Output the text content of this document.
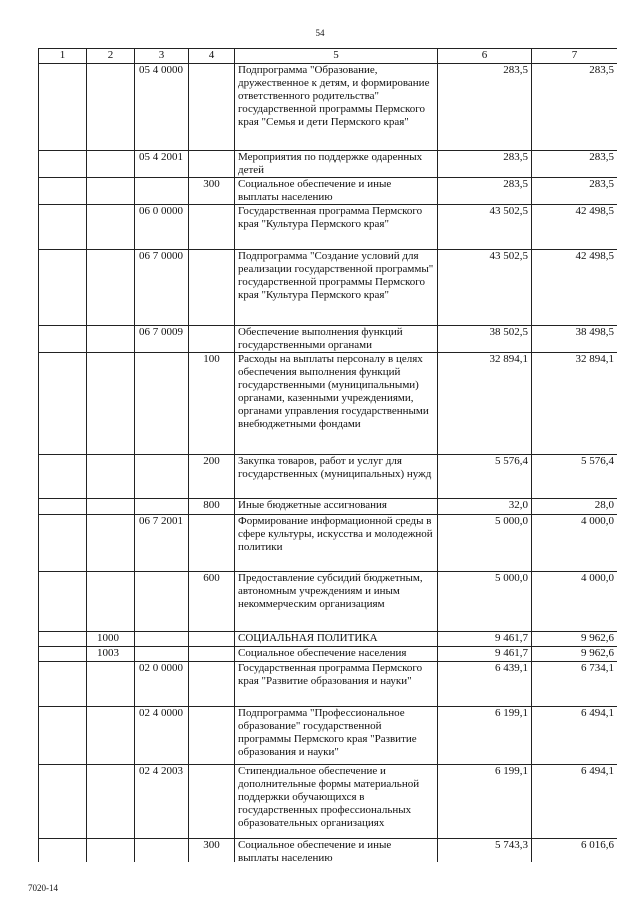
54
1	2	3	4	5	6	7
		05 4 0000		Подпрограмма "Образование, дружественное к детям, и формирование ответственного родительства" государственной программы Пермского края "Семья и дети Пермского края"	283,5	283,5
		05 4 2001		Мероприятия по поддержке одаренных детей	283,5	283,5
			300	Социальное обеспечение и иные выплаты населению	283,5	283,5
		06 0 0000		Государственная программа Пермского края "Культура Пермского края"	43 502,5	42 498,5
		06 7 0000		Подпрограмма "Создание условий для реализации государственной программы" государственной программы Пермского края "Культура Пермского края"	43 502,5	42 498,5
		06 7 0009		Обеспечение выполнения функций государственными органами	38 502,5	38 498,5
			100	Расходы на выплаты персоналу в целях обеспечения выполнения функций государственными (муниципальными) органами, казенными учреждениями, органами управления государственными внебюджетными фондами	32 894,1	32 894,1
			200	Закупка товаров, работ и услуг для государственных (муниципальных) нужд	5 576,4	5 576,4
			800	Иные бюджетные ассигнования	32,0	28,0
		06 7 2001		Формирование информационной среды в сфере культуры, искусства и молодежной политики	5 000,0	4 000,0
			600	Предоставление субсидий бюджетным, автономным учреждениям и иным некоммерческим организациям	5 000,0	4 000,0
	1000			СОЦИАЛЬНАЯ ПОЛИТИКА	9 461,7	9 962,6
	1003			Социальное обеспечение населения	9 461,7	9 962,6
		02 0 0000		Государственная программа Пермского края "Развитие образования и науки"	6 439,1	6 734,1
		02 4 0000		Подпрограмма "Профессиональное образование" государственной программы Пермского края "Развитие образования и науки"	6 199,1	6 494,1
		02 4 2003		Стипендиальное обеспечение и дополнительные формы материальной поддержки обучающихся в государственных профессиональных образовательных организациях	6 199,1	6 494,1
			300	Социальное обеспечение и иные выплаты населению	5 743,3	6 016,6
7020-14
